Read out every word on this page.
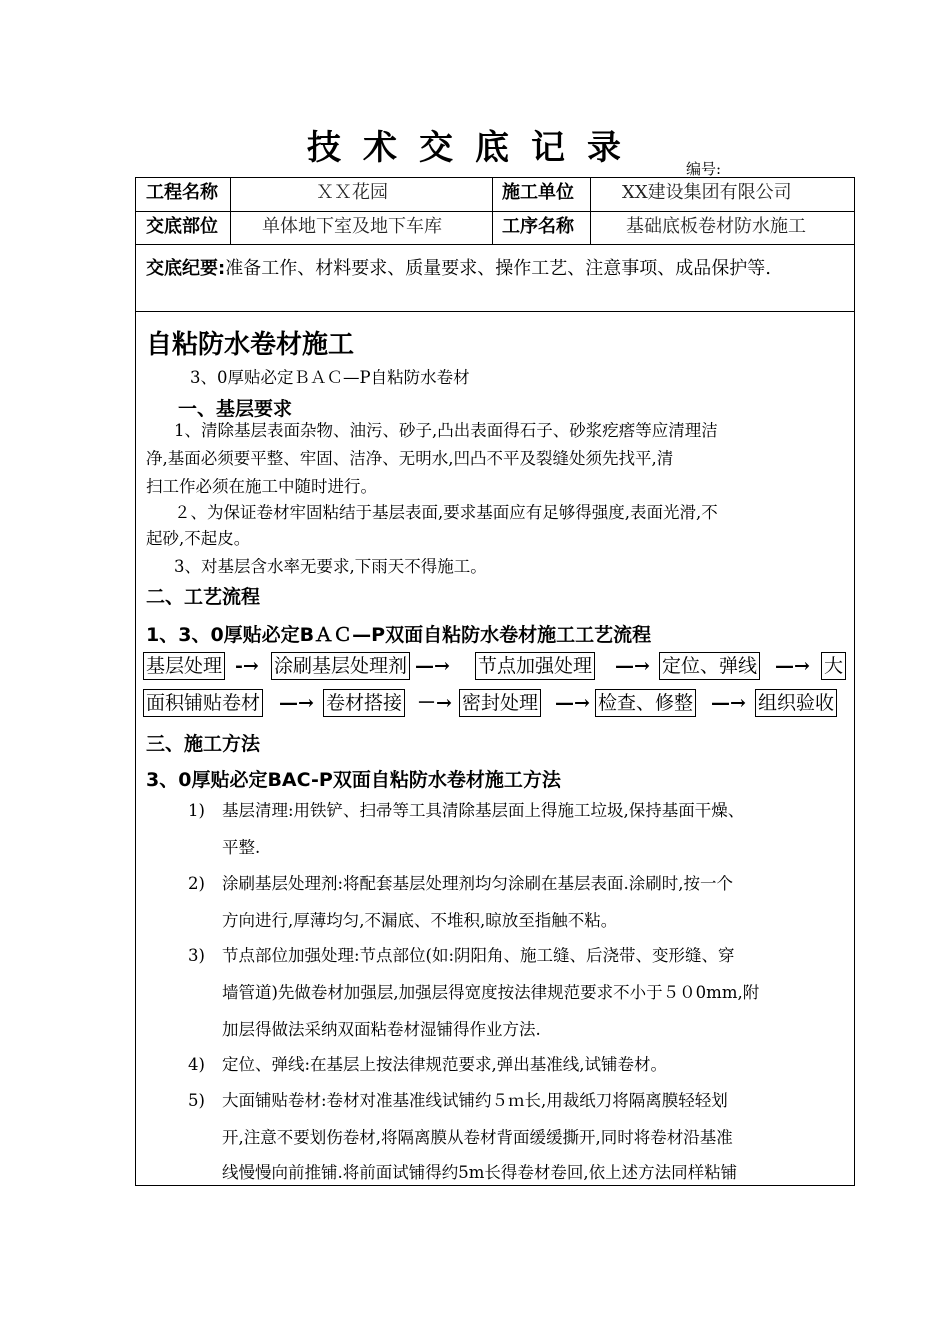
技术交底记录
编号:
工程名称	ＸＸ花园	施工单位	XX建设集团有限公司
交底部位 单体地下室及地下车库	工序名称	基础底板卷材防水施工
交底纪要:准备工作、材料要求、质量要求、操作工艺、注意事项、成品保护等.
自粘防水卷材施工
3、0厚贴必定ＢＡＣ—P自粘防水卷材
一、基层要求
1、清除基层表面杂物、油污、砂子,凸出表面得石子、砂浆疙瘩等应清理洁
净,基面必须要平整、牢固、洁净、无明水,凹凸不平及裂缝处须先找平,清
扫工作必须在施工中随时进行。
２、为保证卷材牢固粘结于基层表面,要求基面应有足够得强度,表面光滑,不
起砂,不起皮。
3、对基层含水率无要求,下雨天不得施工。
二、工艺流程
1、3、0厚贴必定BＡＣ—P双面自粘防水卷材施工工艺流程
基层处理 -→ 涂刷基层处理剂 —→ 节点加强处理 —→ 定位、弹线 —→ 大
面积铺贴卷材 —→ 卷材搭接 －→ 密封处理 —→ 检查、修整 —→ 组织验收
三、施工方法
3、0厚贴必定BAC-P双面自粘防水卷材施工方法
1) 基层清理:用铁铲、扫帚等工具清除基层面上得施工垃圾,保持基面干燥、
平整.
2) 涂刷基层处理剂:将配套基层处理剂均匀涂刷在基层表面.涂刷时,按一个
方向进行,厚薄均匀,不漏底、不堆积,晾放至指触不粘。
3) 节点部位加强处理:节点部位(如:阴阳角、施工缝、后浇带、变形缝、穿
墙管道)先做卷材加强层,加强层得宽度按法律规范要求不小于５０0mm,附
加层得做法采纳双面粘卷材湿铺得作业方法.
4) 定位、弹线:在基层上按法律规范要求,弹出基准线,试铺卷材。
5) 大面铺贴卷材:卷材对准基准线试铺约５ｍ长,用裁纸刀将隔离膜轻轻划
开,注意不要划伤卷材,将隔离膜从卷材背面缓缓撕开,同时将卷材沿基准
线慢慢向前推铺.将前面试铺得约5m长得卷材卷回,依上述方法同样粘铺
